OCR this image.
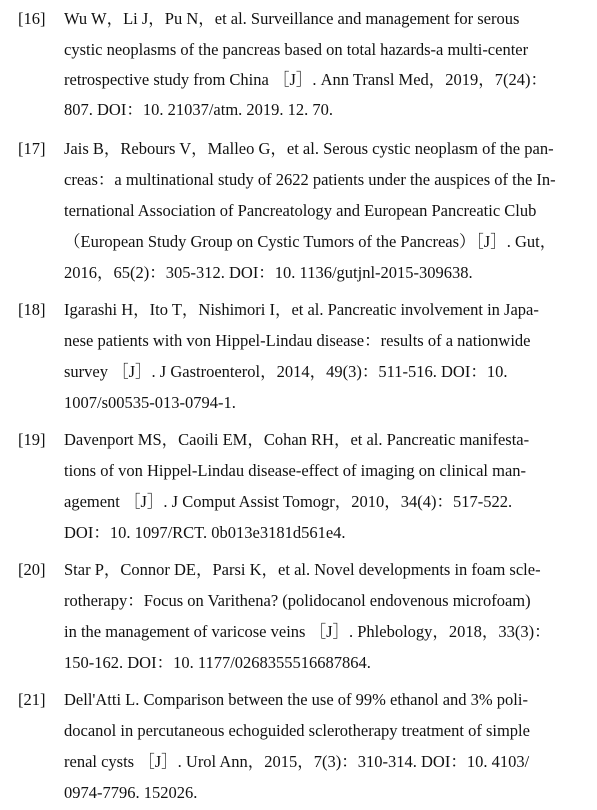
[16] Wu W，Li J，Pu N，et al. Surveillance and management for serous
cystic neoplasms of the pancreas based on total hazards-a multi-center
retrospective study from China ［J］. Ann Transl Med，2019，7(24)：
807. DOI：10. 21037/atm. 2019. 12. 70.
[17] Jais B，Rebours V，Malleo G，et al. Serous cystic neoplasm of the pan-
creas：a multinational study of 2622 patients under the auspices of the In-
ternational Association of Pancreatology and European Pancreatic Club
（European Study Group on Cystic Tumors of the Pancreas）［J］. Gut，
2016，65(2)：305-312. DOI：10. 1136/gutjnl-2015-309638.
[18] Igarashi H，Ito T，Nishimori I，et al. Pancreatic involvement in Japa-
nese patients with von Hippel-Lindau disease：results of a nationwide
survey ［J］. J Gastroenterol，2014，49(3)：511-516. DOI：10.
1007/s00535-013-0794-1.
[19] Davenport MS，Caoili EM，Cohan RH，et al. Pancreatic manifesta-
tions of von Hippel-Lindau disease-effect of imaging on clinical man-
agement ［J］. J Comput Assist Tomogr，2010，34(4)：517-522.
DOI：10. 1097/RCT. 0b013e3181d561e4.
[20] Star P，Connor DE，Parsi K，et al. Novel developments in foam scle-
rotherapy：Focus on Varithena? (polidocanol endovenous microfoam)
in the management of varicose veins ［J］. Phlebology，2018，33(3)：
150-162. DOI：10. 1177/0268355516687864.
[21] Dell'Atti L. Comparison between the use of 99% ethanol and 3% poli-
docanol in percutaneous echoguided sclerotherapy treatment of simple
renal cysts ［J］. Urol Ann，2015，7(3)：310-314. DOI：10. 4103/
0974-7796. 152026.
